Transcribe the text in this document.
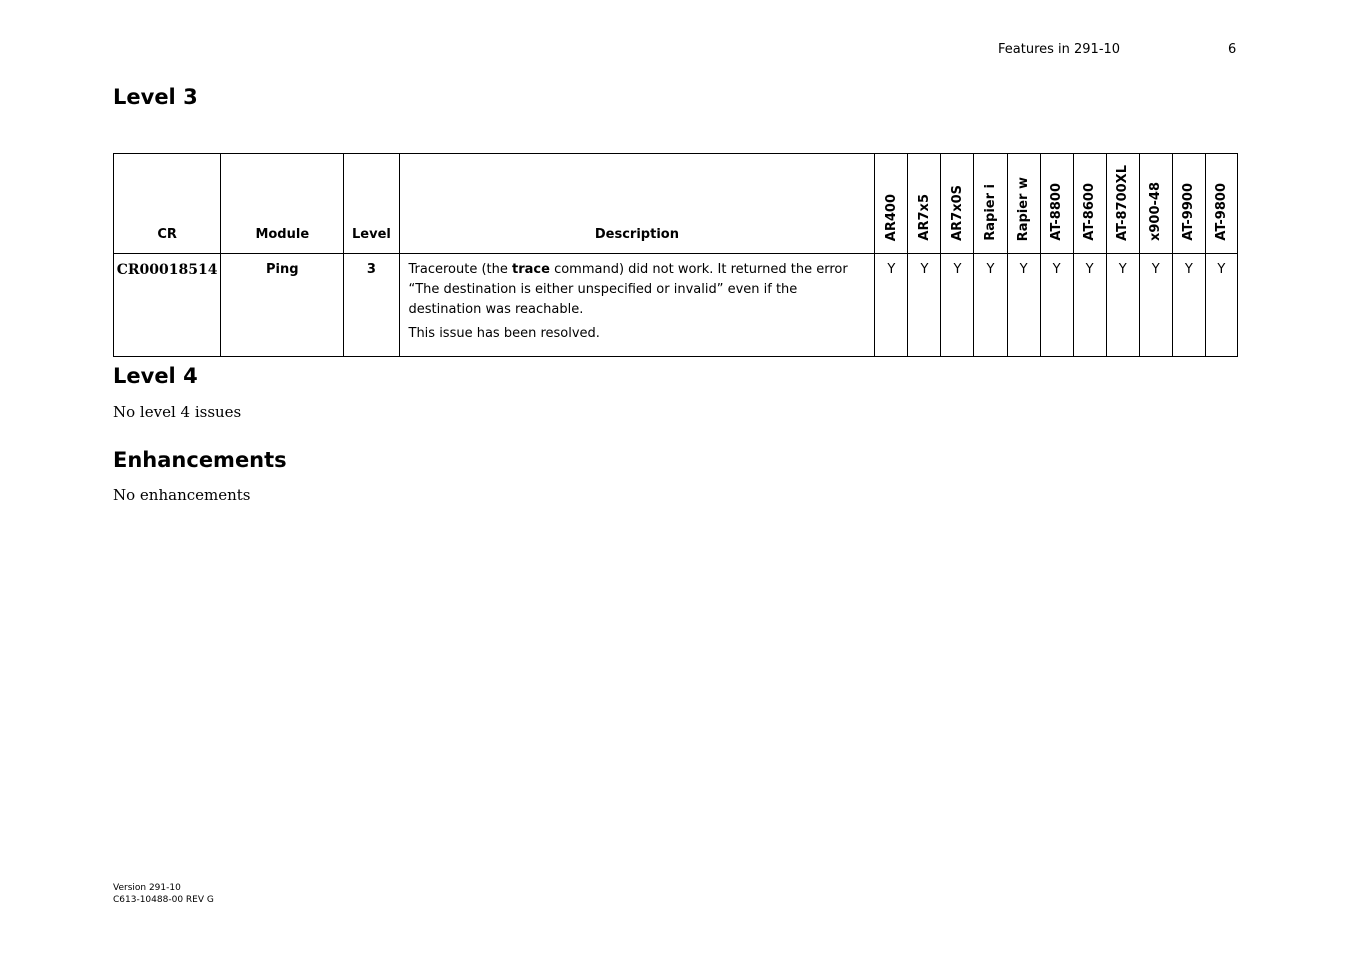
Features in 291-10	6
Level 3
CR	Module	Level	Description	AR400	AR7x5	AR7x0S	Rapier i	Rapier w	AT-8800	AT-8600	AT-8700XL	x900-48	AT-9900	AT-9800
CR00018514	Ping	3	Traceroute (the trace command) did not work. It returned the error “The destination is either unspecified or invalid” even if the destination was reachable.

This issue has been resolved.	Y	Y	Y	Y	Y	Y	Y	Y	Y	Y	Y
Level 4

No level 4 issues

Enhancements

No enhancements

Version 291-10
C613-10488-00 REV G
